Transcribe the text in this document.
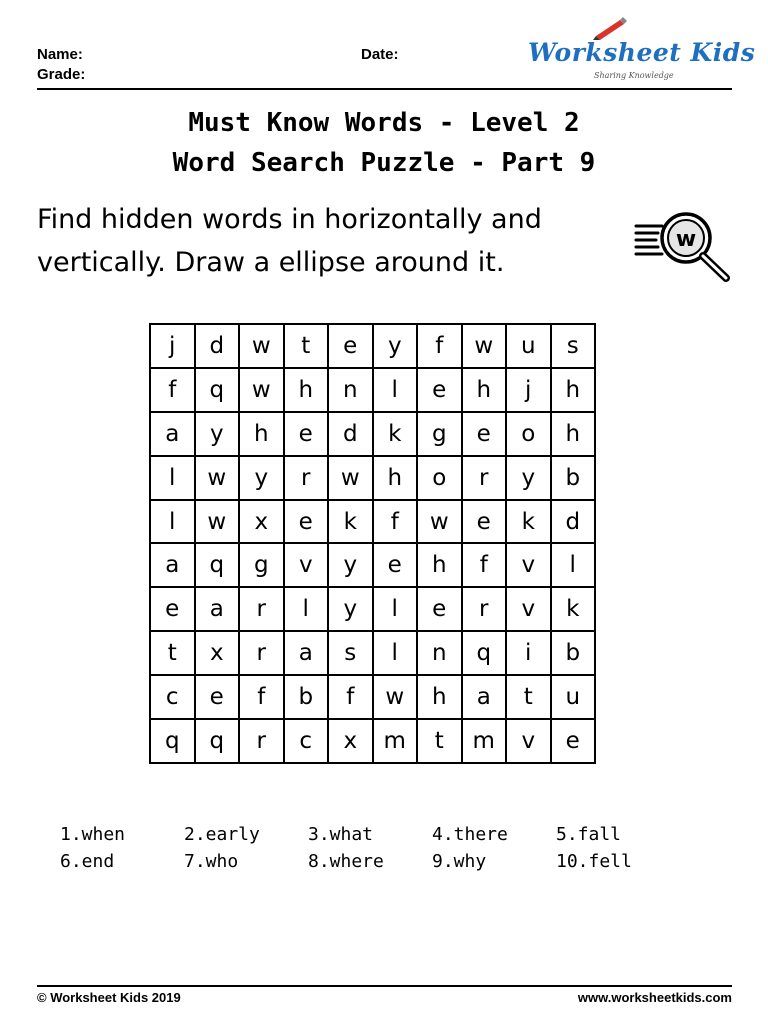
Name:
Grade:
Date:	Worksheet Kids
Sharing Knowledge
Must Know Words - Level 2
Word Search Puzzle - Part 9
Find hidden words in horizontally and
vertically. Draw a ellipse around it.
w
j	d	w	t	e	y	f	w	u	s
f	q	w	h	n	l	e	h	j	h
a	y	h	e	d	k	g	e	o	h
l	w	y	r	w	h	o	r	y	b
l	w	x	e	k	f	w	e	k	d
a	q	g	v	y	e	h	f	v	l
e	a	r	l	y	l	e	r	v	k
t	x	r	a	s	l	n	q	i	b
c	e	f	b	f	w	h	a	t	u
q	q	r	c	x	m	t	m	v	e
1.when	2.early	3.what	4.there	5.fall
6.end	7.who	8.where	9.why	10.fell
© Worksheet Kids 2019	www.worksheetkids.com
